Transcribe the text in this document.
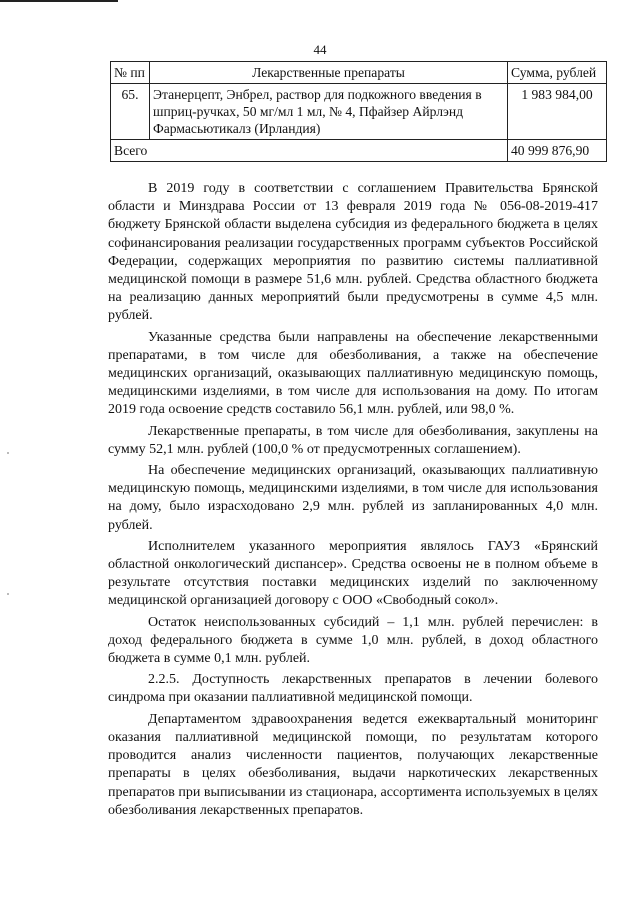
44
№ пп	Лекарственные препараты	Сумма, рублей
65.	Этанерцепт, Энбрел, раствор для подкожного введения в шприц-ручках, 50 мг/мл 1 мл, № 4, Пфайзер Айрлэнд Фармасьютикалз (Ирландия)	1 983 984,00
Всего		40 999 876,90

В 2019 году в соответствии с соглашением Правительства Брянской области и Минздрава России от 13 февраля 2019 года № 056-08-2019-417 бюджету Брянской области выделена субсидия из федерального бюджета в целях софинансирования реализации государственных программ субъектов Российской Федерации, содержащих мероприятия по развитию системы паллиативной медицинской помощи в размере 51,6 млн. рублей. Средства областного бюджета на реализацию данных мероприятий были предусмотрены в сумме 4,5 млн. рублей.

Указанные средства были направлены на обеспечение лекарственными препаратами, в том числе для обезболивания, а также на обеспечение медицинских организаций, оказывающих паллиативную медицинскую помощь, медицинскими изделиями, в том числе для использования на дому. По итогам 2019 года освоение средств составило 56,1 млн. рублей, или 98,0 %.

Лекарственные препараты, в том числе для обезболивания, закуплены на сумму 52,1 млн. рублей (100,0 % от предусмотренных соглашением).

На обеспечение медицинских организаций, оказывающих паллиативную медицинскую помощь, медицинскими изделиями, в том числе для использования на дому, было израсходовано 2,9 млн. рублей из запланированных 4,0 млн. рублей.

Исполнителем указанного мероприятия являлось ГАУЗ «Брянский областной онкологический диспансер». Средства освоены не в полном объеме в результате отсутствия поставки медицинских изделий по заключенному медицинской организацией договору с ООО «Свободный сокол».

Остаток неиспользованных субсидий – 1,1 млн. рублей перечислен: в доход федерального бюджета в сумме 1,0 млн. рублей, в доход областного бюджета в сумме 0,1 млн. рублей.

2.2.5. Доступность лекарственных препаратов в лечении болевого синдрома при оказании паллиативной медицинской помощи.

Департаментом здравоохранения ведется ежеквартальный мониторинг оказания паллиативной медицинской помощи, по результатам которого проводится анализ численности пациентов, получающих лекарственные препараты в целях обезболивания, выдачи наркотических лекарственных препаратов при выписывании из стационара, ассортимента используемых в целях обезболивания лекарственных препаратов.
